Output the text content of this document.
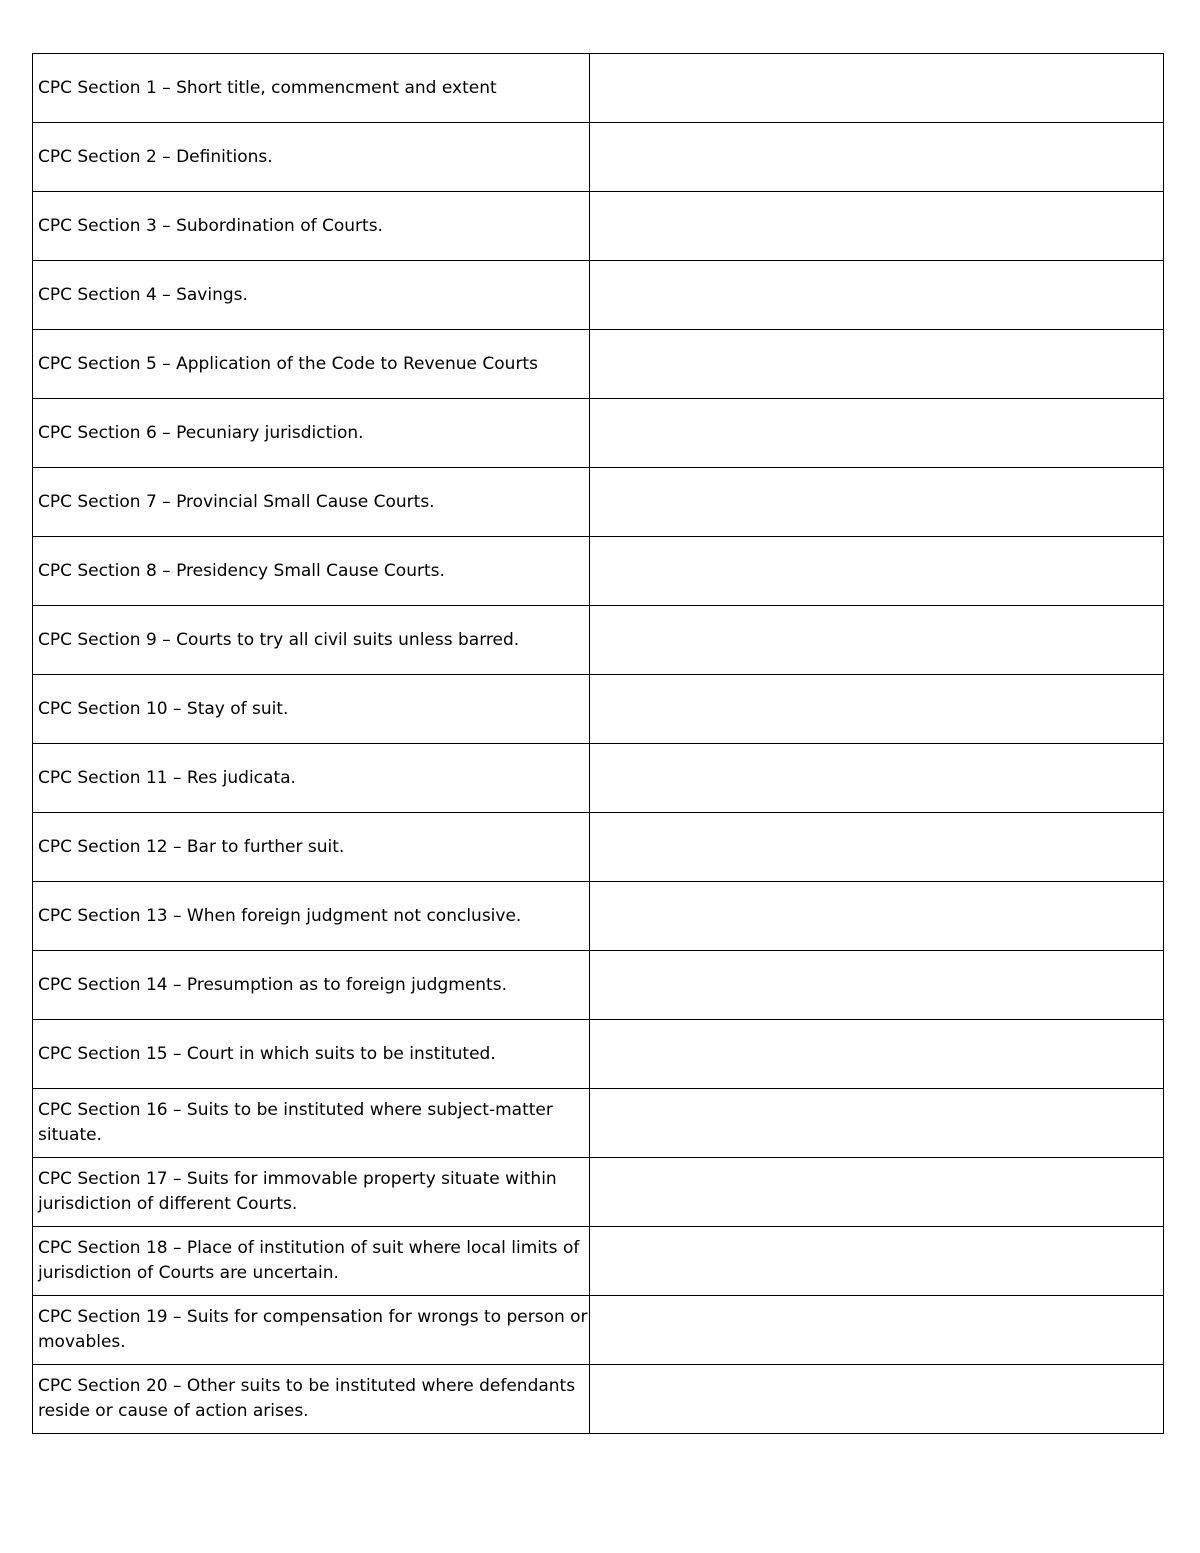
CPC Section 1 – Short title, commencment and extent	
CPC Section 2 – Definitions.	
CPC Section 3 – Subordination of Courts.	
CPC Section 4 – Savings.	
CPC Section 5 – Application of the Code to Revenue Courts	
CPC Section 6 – Pecuniary jurisdiction.	
CPC Section 7 – Provincial Small Cause Courts.	
CPC Section 8 – Presidency Small Cause Courts.	
CPC Section 9 – Courts to try all civil suits unless barred.	
CPC Section 10 – Stay of suit.	
CPC Section 11 – Res judicata.	
CPC Section 12 – Bar to further suit.	
CPC Section 13 – When foreign judgment not conclusive.	
CPC Section 14 – Presumption as to foreign judgments.	
CPC Section 15 – Court in which suits to be instituted.	
CPC Section 16 – Suits to be instituted where subject-matter situate.	
CPC Section 17 – Suits for immovable property situate within jurisdiction of different Courts.	
CPC Section 18 – Place of institution of suit where local limits of jurisdiction of Courts are uncertain.	
CPC Section 19 – Suits for compensation for wrongs to person or movables.	
CPC Section 20 – Other suits to be instituted where defendants reside or cause of action arises.	
